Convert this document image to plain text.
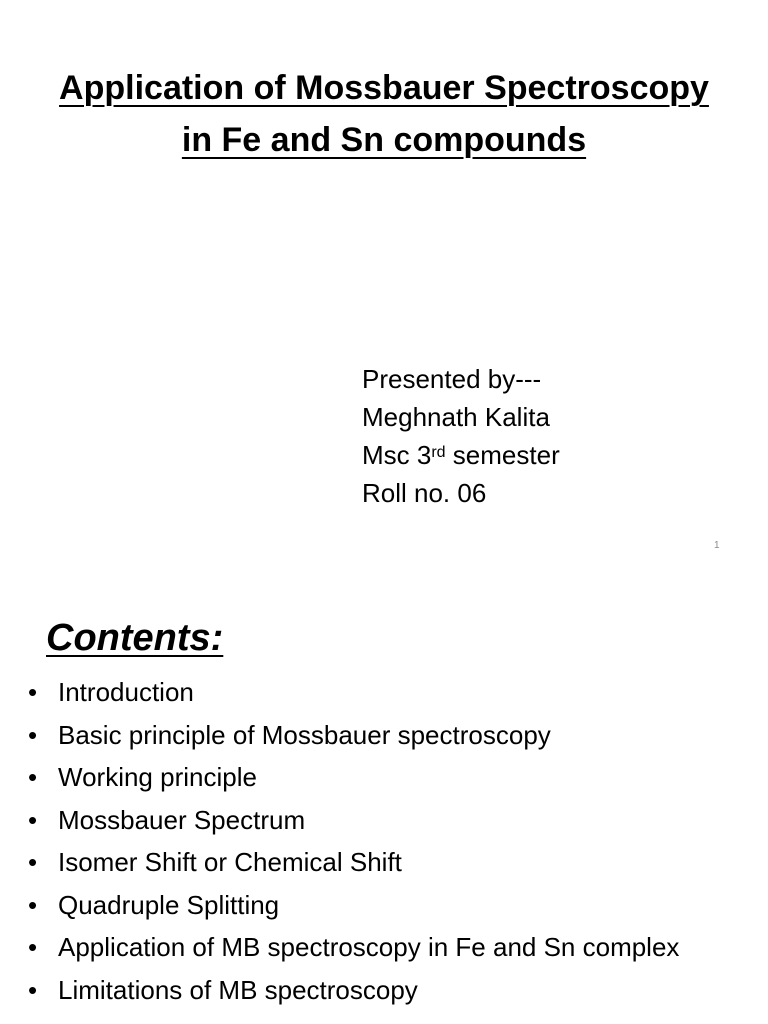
Application of Mossbauer Spectroscopy
in Fe and Sn compounds
Presented by---
Meghnath Kalita
Msc 3rd semester
Roll no. 06
1
Contents:
• Introduction
• Basic principle of Mossbauer spectroscopy
• Working principle
• Mossbauer Spectrum
• Isomer Shift or Chemical Shift
• Quadruple Splitting
• Application of MB spectroscopy in Fe and Sn complex
• Limitations of MB spectroscopy
